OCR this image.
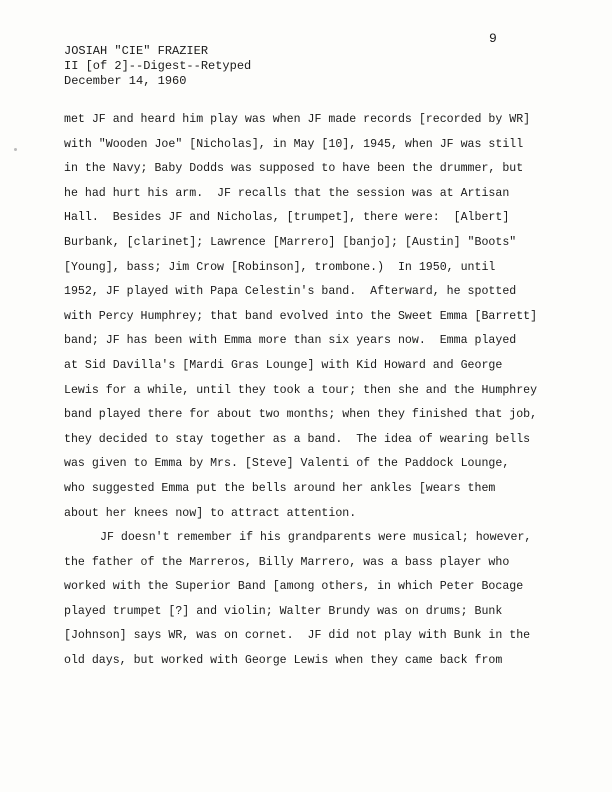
9
JOSIAH "CIE" FRAZIER
II [of 2]--Digest--Retyped
December 14, 1960
met JF and heard him play was when JF made records [recorded by WR]
with "Wooden Joe" [Nicholas], in May [10], 1945, when JF was still
in the Navy; Baby Dodds was supposed to have been the drummer, but
he had hurt his arm.  JF recalls that the session was at Artisan
Hall.  Besides JF and Nicholas, [trumpet], there were:  [Albert]
Burbank, [clarinet]; Lawrence [Marrero] [banjo]; [Austin] "Boots"
[Young], bass; Jim Crow [Robinson], trombone.)  In 1950, until
1952, JF played with Papa Celestin's band.  Afterward, he spotted
with Percy Humphrey; that band evolved into the Sweet Emma [Barrett]
band; JF has been with Emma more than six years now.  Emma played
at Sid Davilla's [Mardi Gras Lounge] with Kid Howard and George
Lewis for a while, until they took a tour; then she and the Humphrey
band played there for about two months; when they finished that job,
they decided to stay together as a band.  The idea of wearing bells
was given to Emma by Mrs. [Steve] Valenti of the Paddock Lounge,
who suggested Emma put the bells around her ankles [wears them
about her knees now] to attract attention.
JF doesn't remember if his grandparents were musical; however,
the father of the Marreros, Billy Marrero, was a bass player who
worked with the Superior Band [among others, in which Peter Bocage
played trumpet [?] and violin; Walter Brundy was on drums; Bunk
[Johnson] says WR, was on cornet.  JF did not play with Bunk in the
old days, but worked with George Lewis when they came back from
